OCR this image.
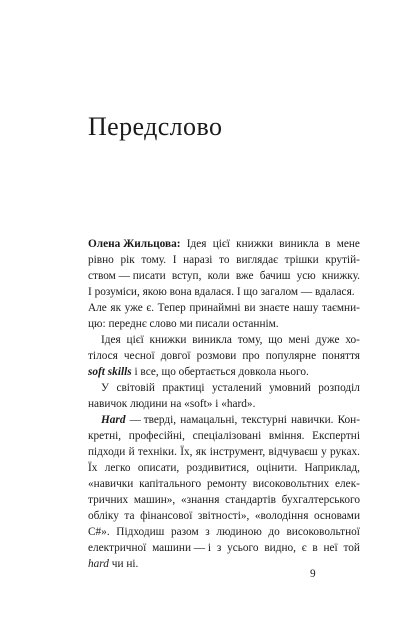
Передслово
Олена Жильцова: Ідея цієї книжки виникла в мене
рівно рік тому. І наразі то виглядає трішки крутій-
ством — писати вступ, коли вже бачиш усю книжку.
І розуміси, якою вона вдалася. І що загалом — вдалася.
Але як уже є. Тепер принаймні ви знаєте нашу таємни-
цю: переднє слово ми писали останнім.
Ідея цієї книжки виникла тому, що мені дуже хо-
тілося чесної довгої розмови про популярне поняття
soft skills і все, що обертається довкола нього.
У світовій практиці усталений умовний розподіл
навичок людини на «soft» і «hard».
Hard — тверді, намацальні, текстурні навички. Кон-
кретні, професійні, спеціалізовані вміння. Експертні
підходи й техніки. Їх, як інструмент, відчуваєш у руках.
Їх легко описати, роздивитися, оцінити. Наприклад,
«навички капітального ремонту високовольтних елек-
тричних машин», «знання стандартів бухгалтерського
обліку та фінансової звітності», «володіння основами
С#». Підходиш разом з людиною до високовольтної
електричної машини — і з усього видно, є в неї той
hard чи ні.
9
